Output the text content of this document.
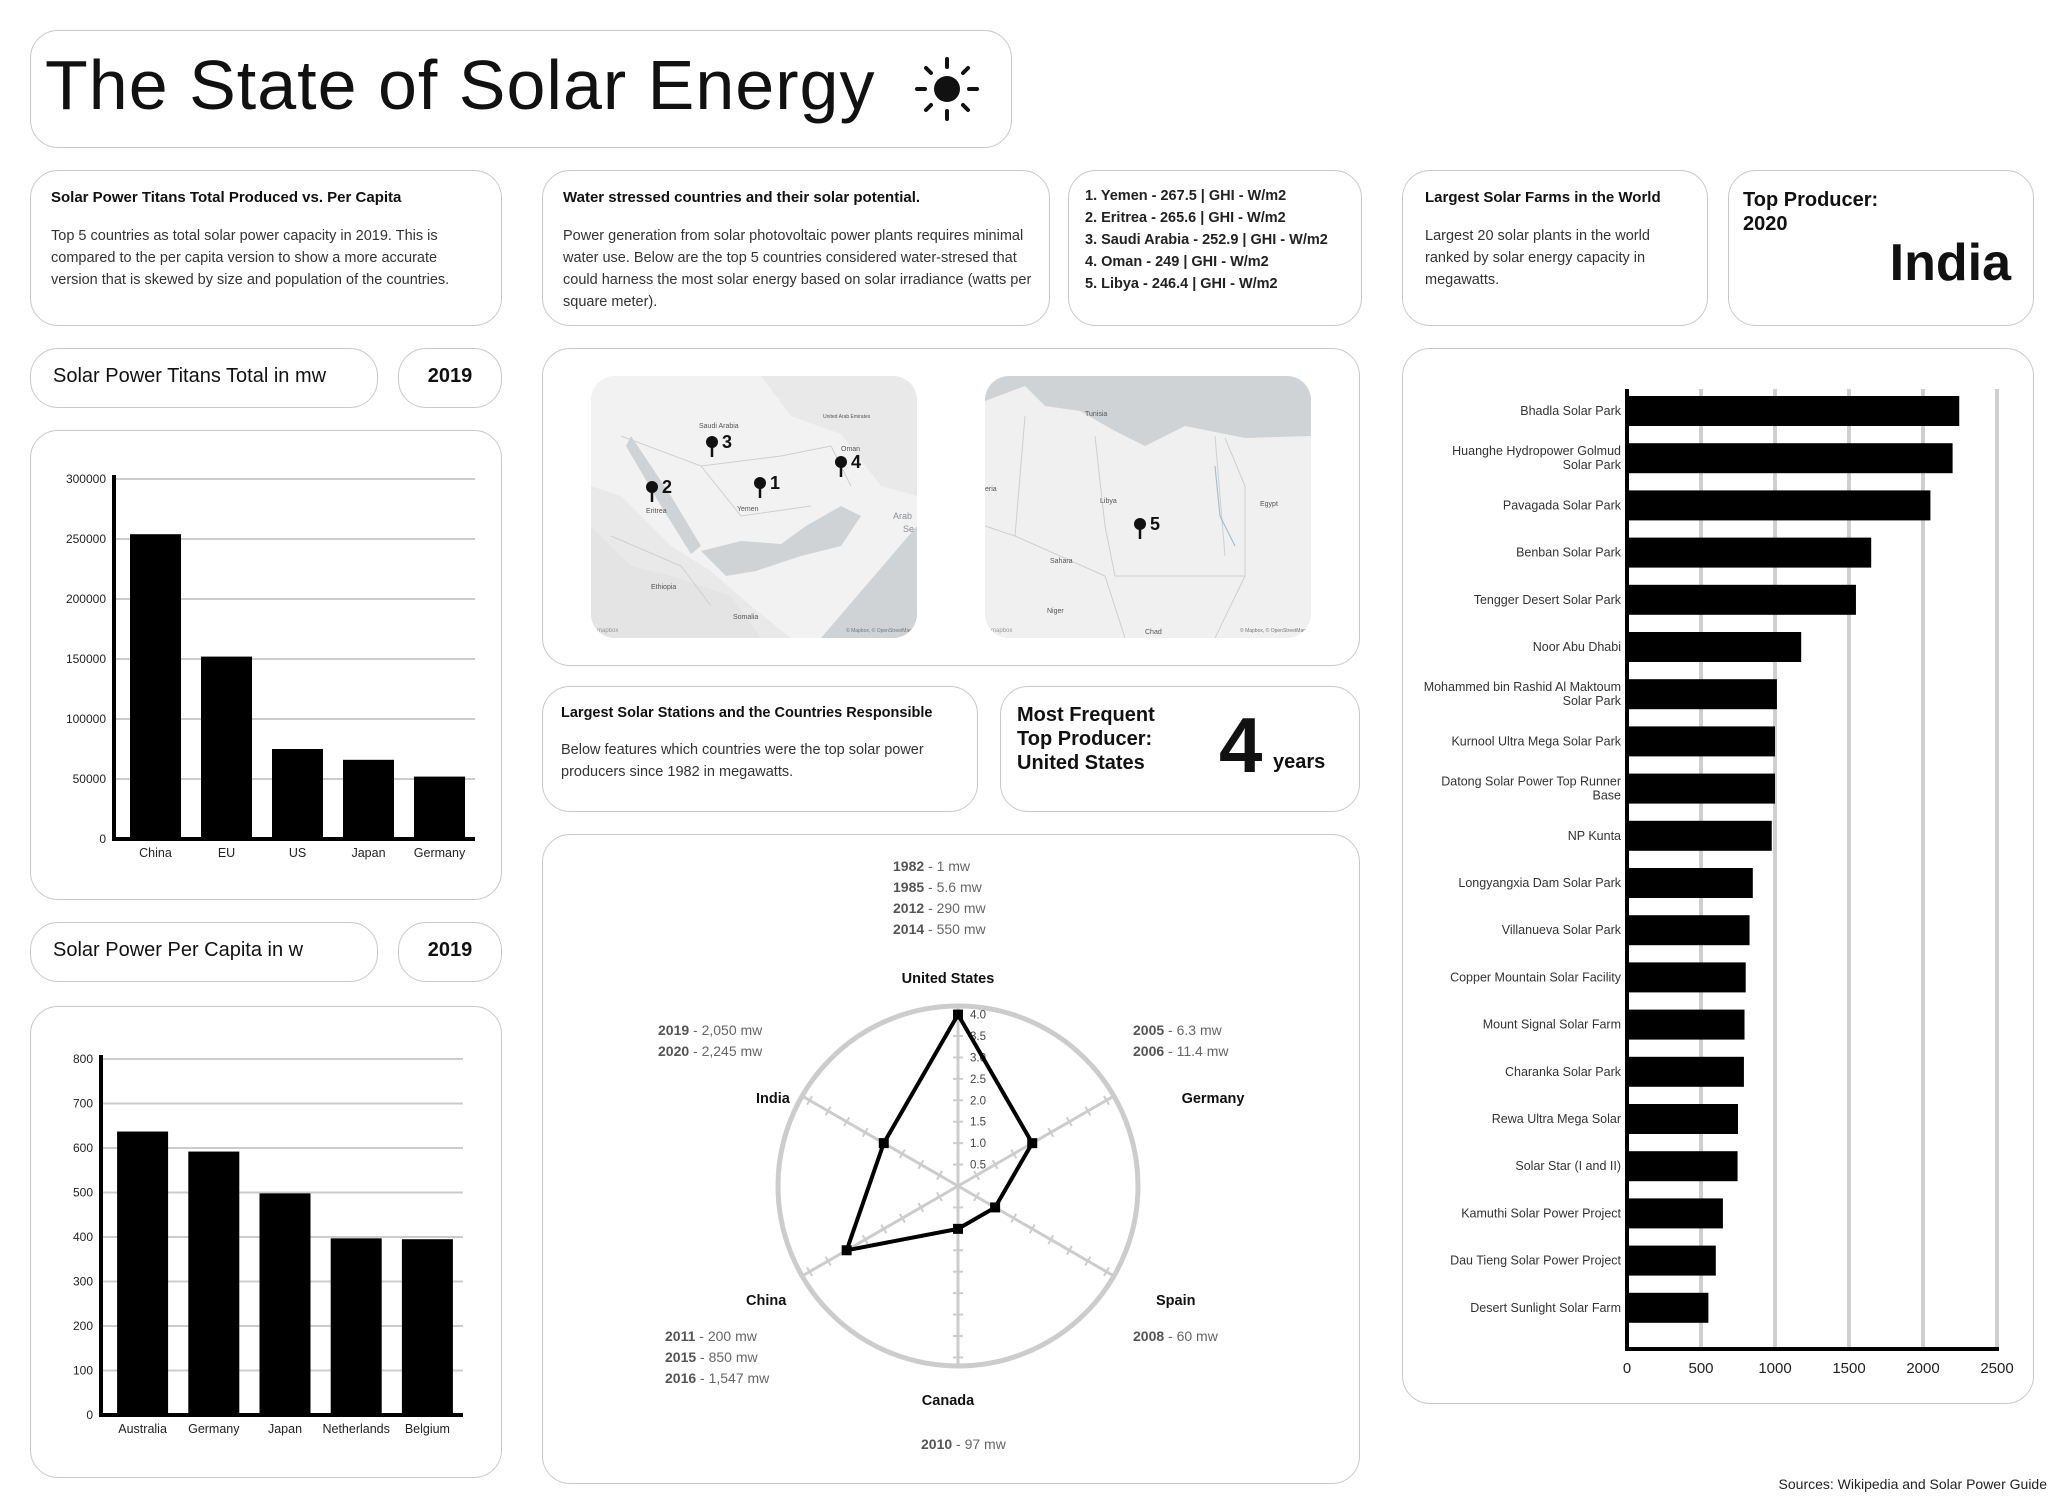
The State of Solar Energy
Solar Power Titans Total Produced vs. Per Capita
Top 5 countries as total solar power capacity in 2019. This is compared to the per capita version to show a more accurate version that is skewed by size and population of the countries.
Water stressed countries and their solar potential.
Power generation from solar photovoltaic power plants requires minimal water use. Below are the top 5 countries considered water-stresed that could harness the most solar energy based on solar irradiance (watts per square meter).
1. Yemen - 267.5 | GHI - W/m2
2. Eritrea - 265.6 | GHI - W/m2
3. Saudi Arabia - 252.9 | GHI - W/m2
4. Oman - 249 | GHI - W/m2
5. Libya - 246.4 | GHI - W/m2
Largest Solar Farms in the World
Largest 20 solar plants in the world ranked by solar energy capacity in megawatts.
Top Producer:
2020
India
Solar Power Titans Total in mw	2019
0
50000
100000
150000
200000
250000
300000
China	EU	US	Japan Germany
Solar Power Per Capita in w	2019
0
100
200
300
400
500
600
700
800
Australia Germany Japan Netherlands Belgium
Saudi Arabia
Oman
Yemen
Eritrea
Ethiopia
Somalia
United Arab Emirates
Arab
Se
mapbox	© Mapbox, © OpenStreetMap
1
2
3
4
Tunisia
Libya	Egypt
Sahara
Niger
Chad
eria
mapbox	© Mapbox, © OpenStreetMap
5
Largest Solar Stations and the Countries Responsible
Below features which countries were the top solar power producers since 1982 in megawatts.
Most Frequent
Top Producer:
United States 4 years
0.5
1.0
1.5
2.0
2.5
3.0
3.5
4.0
United States
Germany
Spain
Canada
China
India
1982 - 1 mw
1985 - 5.6 mw
2012 - 290 mw
2014 - 550 mw
2005 - 6.3 mw
2006 - 11.4 mw
2019 - 2,050 mw
2020 - 2,245 mw
2011 - 200 mw
2015 - 850 mw
2016 - 1,547 mw
2008 - 60 mw
2010 - 97 mw
0	500	1000	1500	2000	2500
Bhadla Solar Park
Huanghe Hydropower Golmud Solar Park
Pavagada Solar Park
Benban Solar Park
Tengger Desert Solar Park
Noor Abu Dhabi
Mohammed bin Rashid Al Maktoum Solar Park
Kurnool Ultra Mega Solar Park
Datong Solar Power Top Runner Base
NP Kunta
Longyangxia Dam Solar Park
Villanueva Solar Park
Copper Mountain Solar Facility
Mount Signal Solar Farm
Charanka Solar Park
Rewa Ultra Mega Solar
Solar Star (I and II)
Kamuthi Solar Power Project
Dau Tieng Solar Power Project
Desert Sunlight Solar Farm
Sources: Wikipedia and Solar Power Guide
